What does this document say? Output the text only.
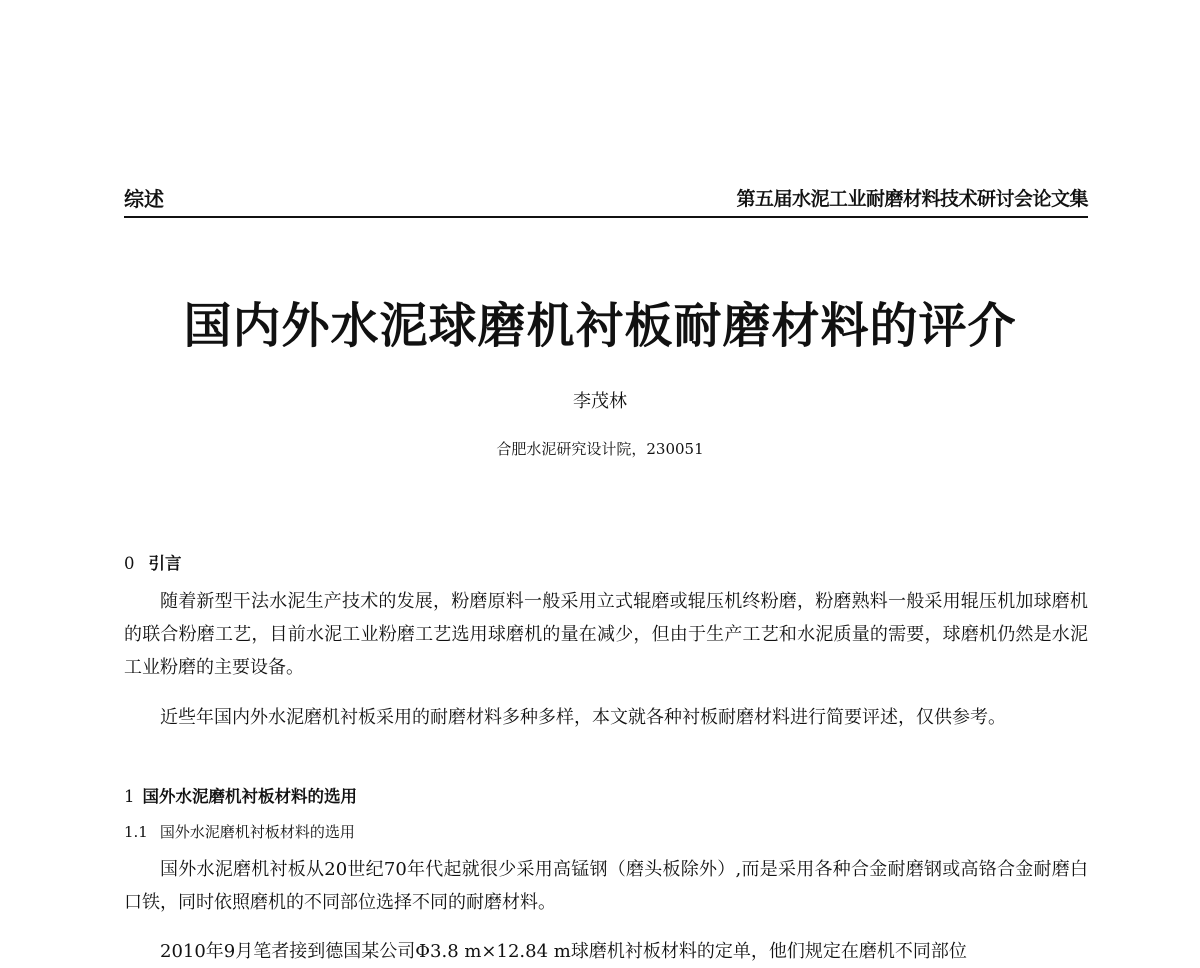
综述	第五届水泥工业耐磨材料技术研讨会论文集
国内外水泥球磨机衬板耐磨材料的评介
李茂林
合肥水泥研究设计院，230051
0 引言

随着新型干法水泥生产技术的发展，粉磨原料一般采用立式辊磨或辊压机终粉磨，粉磨熟料一般采用辊压机加球磨机的联合粉磨工艺，目前水泥工业粉磨工艺选用球磨机的量在减少，但由于生产工艺和水泥质量的需要，球磨机仍然是水泥工业粉磨的主要设备。

近些年国内外水泥磨机衬板采用的耐磨材料多种多样，本文就各种衬板耐磨材料进行简要评述，仅供参考。

1 国外水泥磨机衬板材料的选用
1.1 国外水泥磨机衬板材料的选用

国外水泥磨机衬板从20世纪70年代起就很少采用高锰钢（磨头板除外）,而是采用各种合金耐磨钢或高铬合金耐磨白口铁，同时依照磨机的不同部位选择不同的耐磨材料。

2010年9月笔者接到德国某公司Φ3.8 m×12.84 m球磨机衬板材料的定单，他们规定在磨机不同部位
